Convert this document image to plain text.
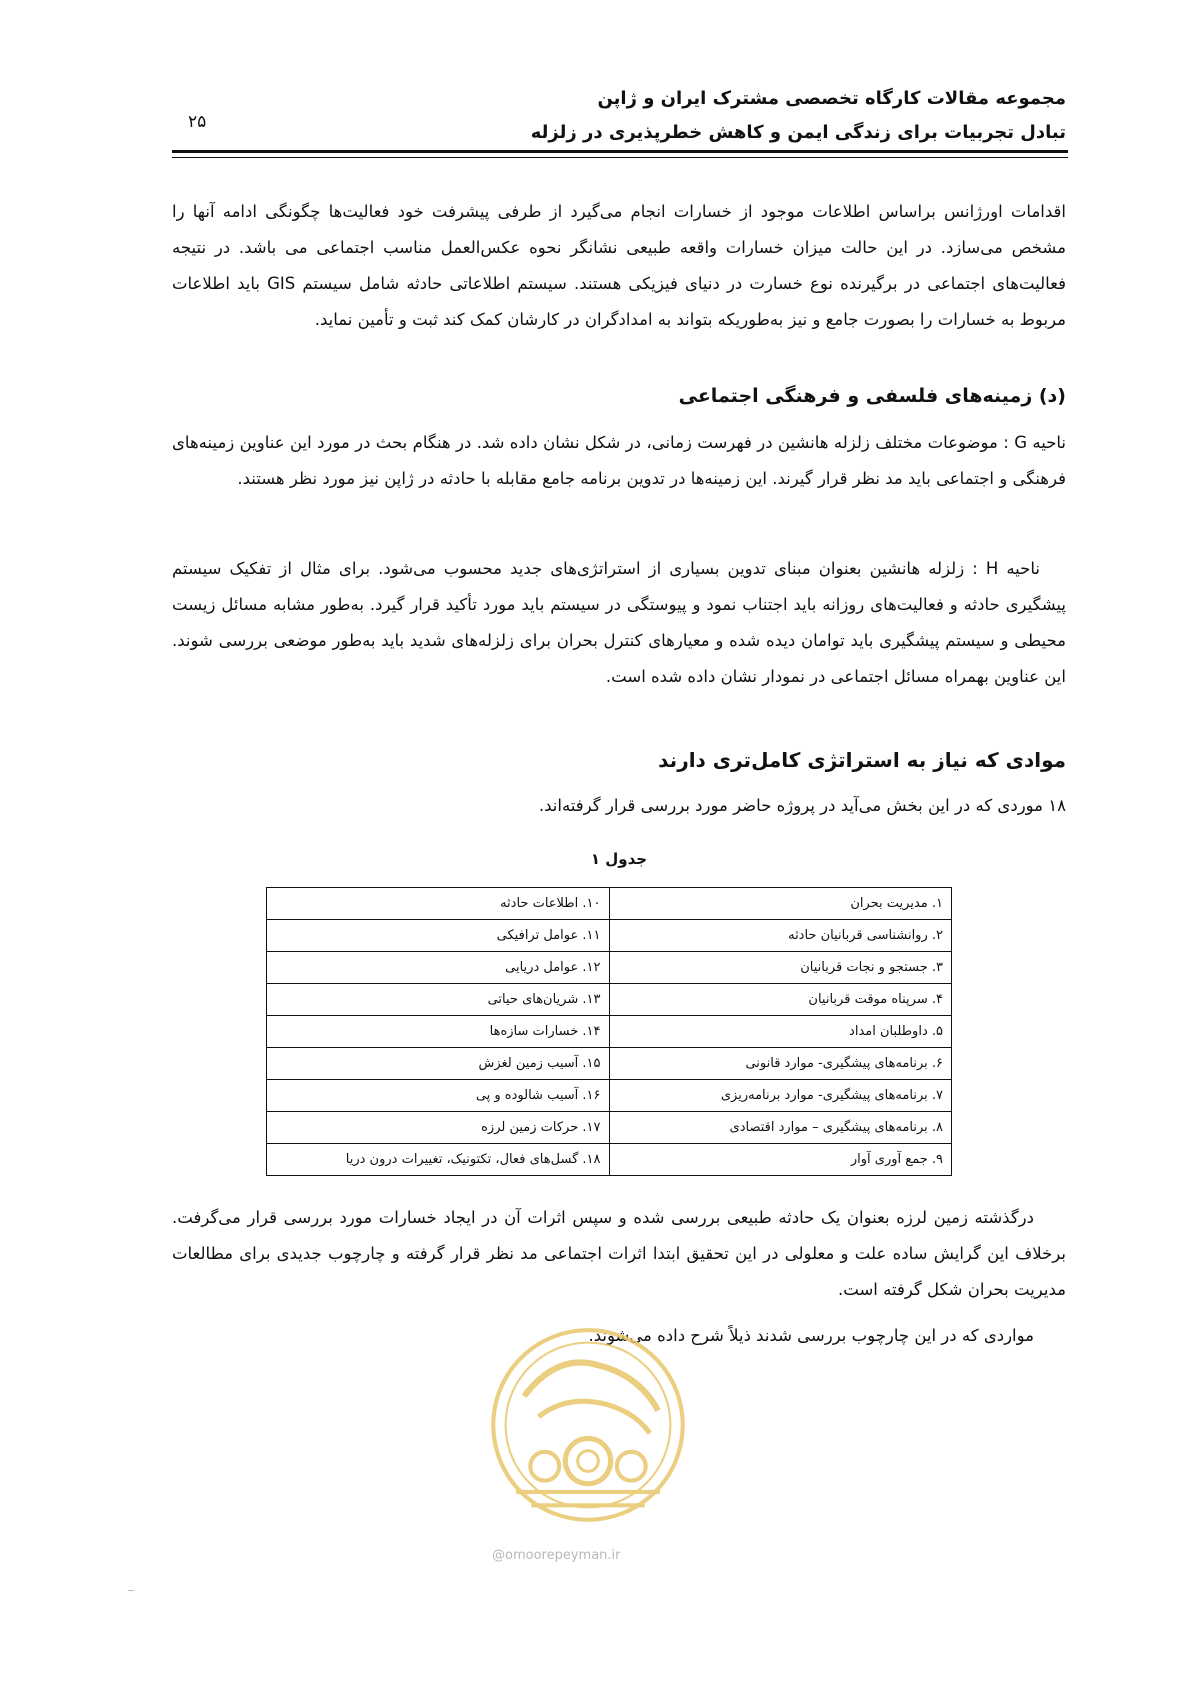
مجموعه مقالات کارگاه تخصصی مشترک ایران و ژاپن
تبادل تجربیات برای زندگی ایمن و کاهش خطرپذیری در زلزله
۲۵

اقدامات اورژانس براساس اطلاعات موجود از خسارات انجام می‌گیرد از طرفی پیشرفت خود فعالیت‌ها چگونگی ادامه آنها را مشخص می‌سازد. در این حالت میزان خسارات واقعه طبیعی نشانگر نحوه عکس‌العمل مناسب اجتماعی می باشد. در نتیجه فعالیت‌های اجتماعی در برگیرنده نوع خسارت در دنیای فیزیکی هستند. سیستم اطلاعاتی حادثه شامل سیستم GIS باید اطلاعات مربوط به خسارات را بصورت جامع و نیز به‌طوریکه بتواند به امدادگران در کارشان کمک کند ثبت و تأمین نماید.

(د) زمینه‌های فلسفی و فرهنگی اجتماعی

ناحیه G : موضوعات مختلف زلزله هانشین در فهرست زمانی، در شکل نشان داده شد. در هنگام بحث در مورد این عناوین زمینه‌های فرهنگی و اجتماعی باید مد نظر قرار گیرند. این زمینه‌ها در تدوین برنامه جامع مقابله با حادثه در ژاپن نیز مورد نظر هستند.

ناحیه H : زلزله هانشین بعنوان مبنای تدوین بسیاری از استراتژی‌های جدید محسوب می‌شود. برای مثال از تفکیک سیستم پیشگیری حادثه و فعالیت‌های روزانه باید اجتناب نمود و پیوستگی در سیستم باید مورد تأکید قرار گیرد. به‌طور مشابه مسائل زیست محیطی و سیستم پیشگیری باید توامان دیده شده و معیارهای کنترل بحران برای زلزله‌های شدید باید به‌طور موضعی بررسی شوند. این عناوین بهمراه مسائل اجتماعی در نمودار نشان داده شده است.

موادی که نیاز به استراتژی کامل‌تری دارند

۱۸ موردی که در این بخش می‌آید در پروژه حاضر مورد بررسی قرار گرفته‌اند.

جدول ۱
۱. مدیریت بحران	۱۰. اطلاعات حادثه
۲. روانشناسی قربانیان حادثه	۱۱. عوامل ترافیکی
۳. جستجو و نجات قربانیان	۱۲. عوامل دریایی
۴. سرپناه موقت قربانیان	۱۳. شریان‌های حیاتی
۵. داوطلبان امداد	۱۴. خسارات سازه‌ها
۶. برنامه‌های پیشگیری- موارد قانونی	۱۵. آسیب زمین لغزش
۷. برنامه‌های پیشگیری- موارد برنامه‌ریزی	۱۶. آسیب شالوده و پی
۸. برنامه‌های پیشگیری – موارد اقتصادی	۱۷. حرکات زمین لرزه
۹. جمع آوری آوار	۱۸. گسل‌های فعال، تکتونیک، تغییرات درون دریا

درگذشته زمین لرزه بعنوان یک حادثه طبیعی بررسی شده و سپس اثرات آن در ایجاد خسارات مورد بررسی قرار می‌گرفت. برخلاف این گرایش ساده علت و معلولی در این تحقیق ابتدا اثرات اجتماعی مد نظر قرار گرفته و چارچوب جدیدی برای مطالعات مدیریت بحران شکل گرفته است.

مواردی که در این چارچوب بررسی شدند ذیلاً شرح داده می‌شوند.

@omoorepeyman.ir
